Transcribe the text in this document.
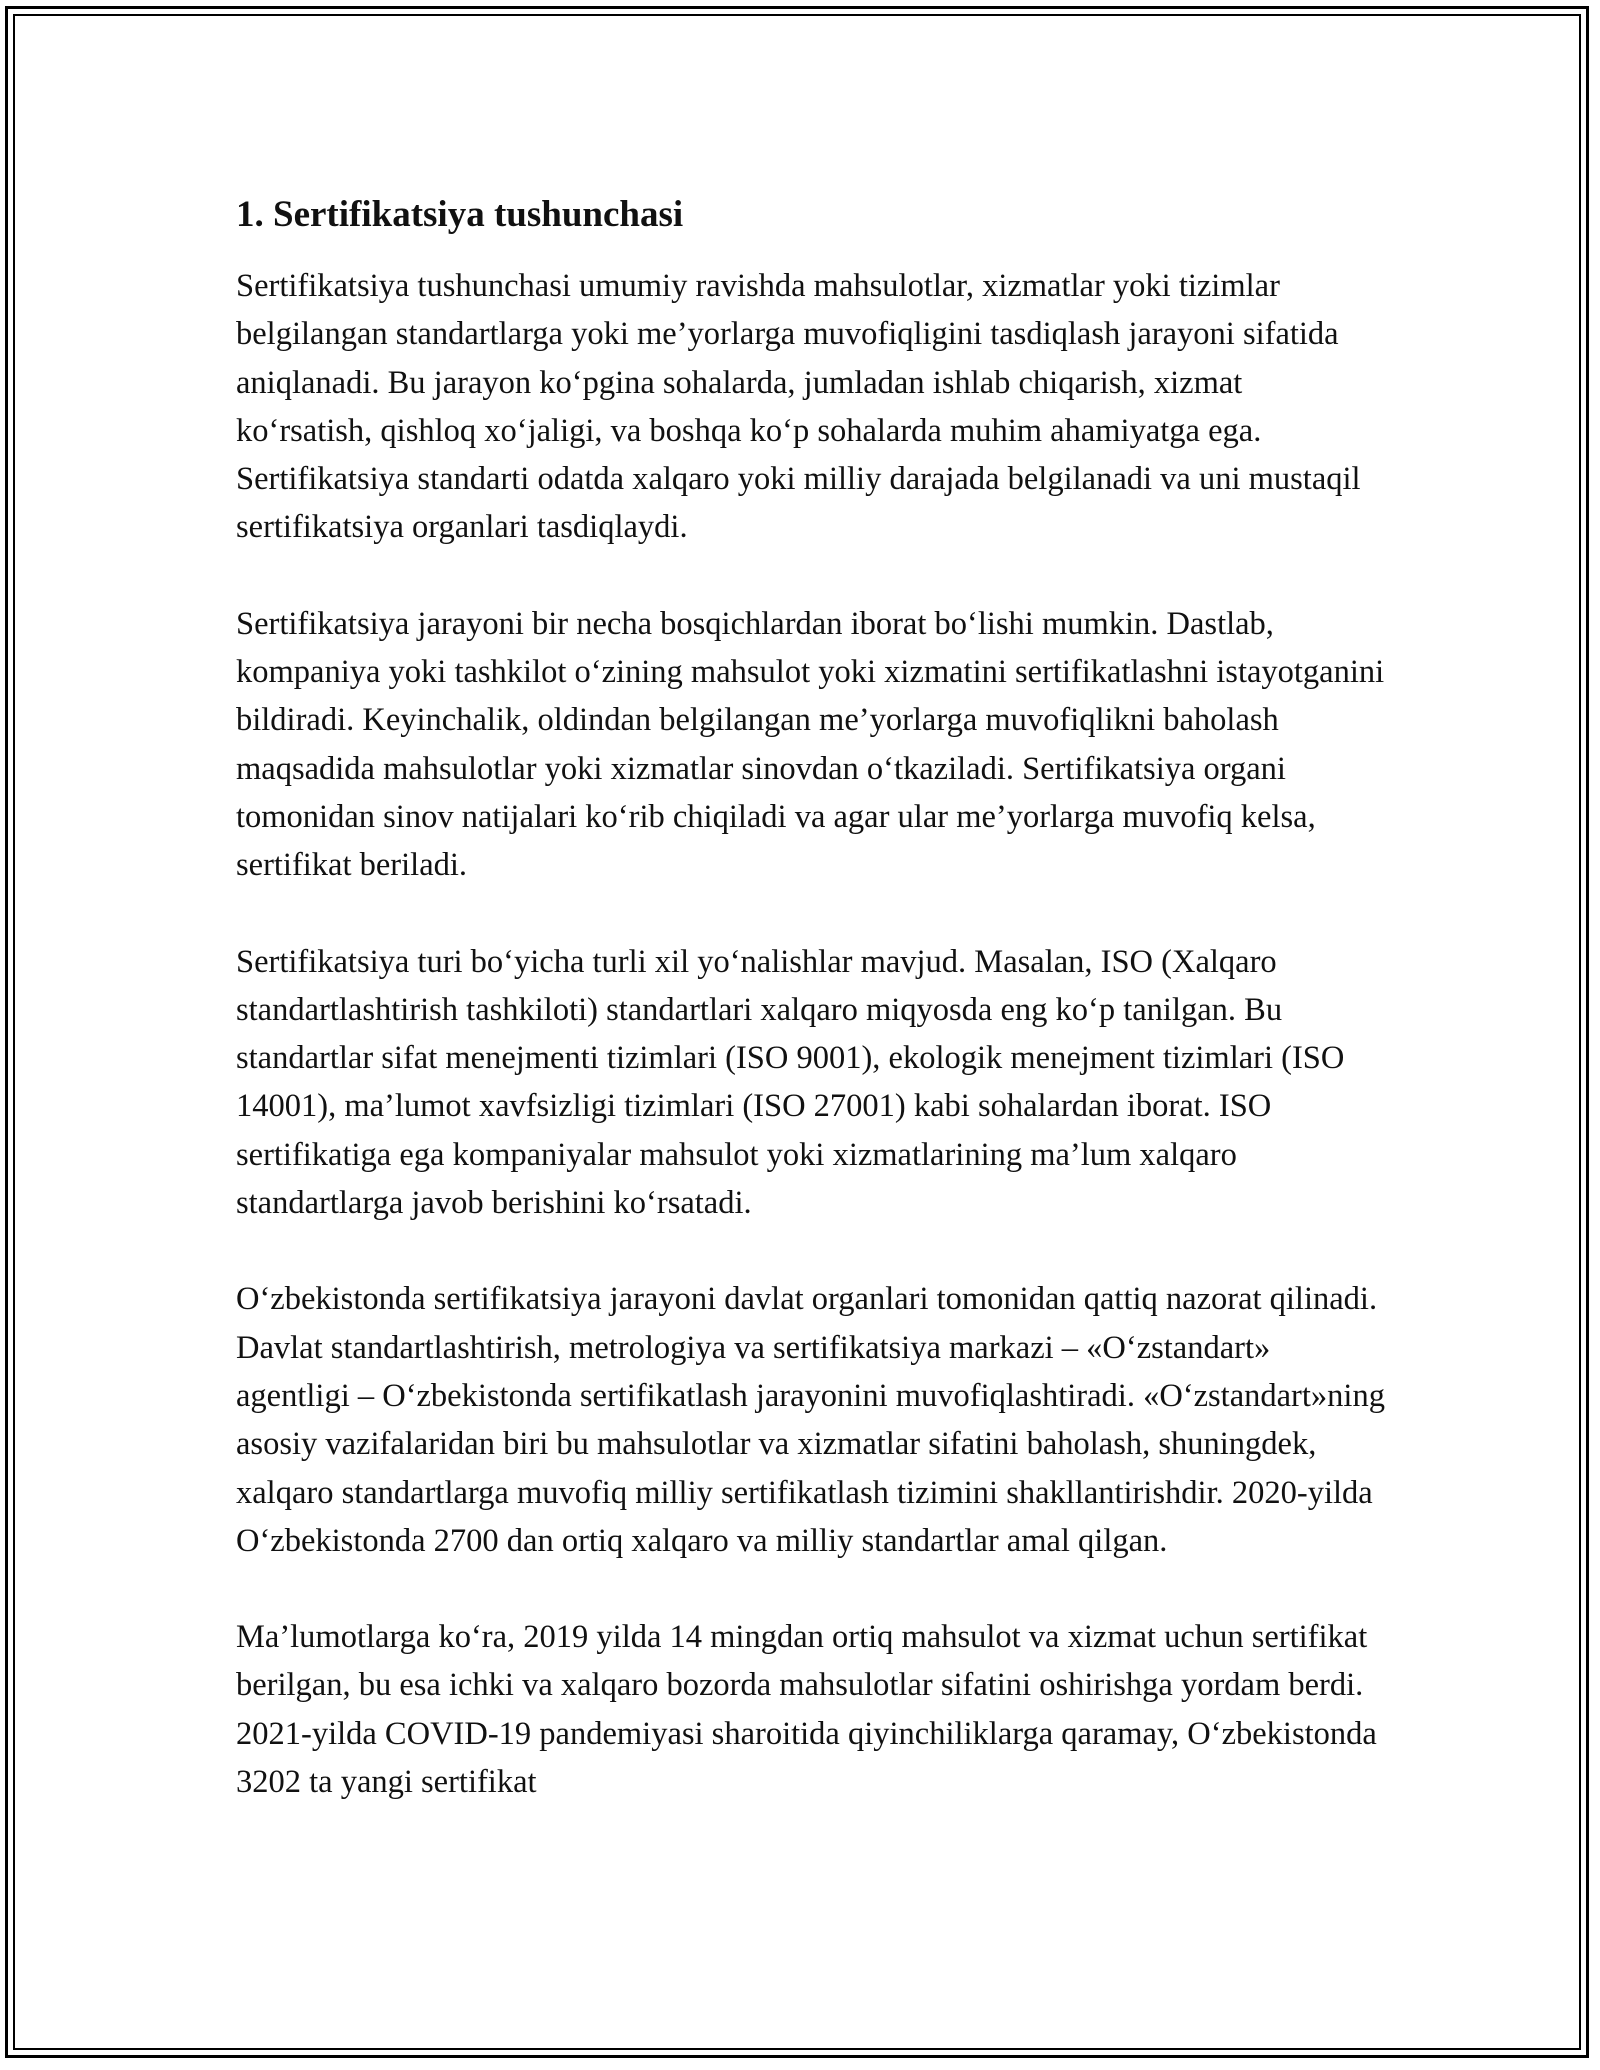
1. Sertifikatsiya tushunchasi

Sertifikatsiya tushunchasi umumiy ravishda mahsulotlar, xizmatlar yoki tizimlar belgilangan standartlarga yoki me’yorlarga muvofiqligini tasdiqlash jarayoni sifatida aniqlanadi. Bu jarayon koʻpgina sohalarda, jumladan ishlab chiqarish, xizmat koʻrsatish, qishloq xoʻjaligi, va boshqa koʻp sohalarda muhim ahamiyatga ega. Sertifikatsiya standarti odatda xalqaro yoki milliy darajada belgilanadi va uni mustaqil sertifikatsiya organlari tasdiqlaydi.

Sertifikatsiya jarayoni bir necha bosqichlardan iborat boʻlishi mumkin. Dastlab, kompaniya yoki tashkilot oʻzining mahsulot yoki xizmatini sertifikatlashni istayotganini bildiradi. Keyinchalik, oldindan belgilangan me’yorlarga muvofiqlikni baholash maqsadida mahsulotlar yoki xizmatlar sinovdan oʻtkaziladi. Sertifikatsiya organi tomonidan sinov natijalari koʻrib chiqiladi va agar ular me’yorlarga muvofiq kelsa, sertifikat beriladi.

Sertifikatsiya turi boʻyicha turli xil yoʻnalishlar mavjud. Masalan, ISO (Xalqaro standartlashtirish tashkiloti) standartlari xalqaro miqyosda eng koʻp tanilgan. Bu standartlar sifat menejmenti tizimlari (ISO 9001), ekologik menejment tizimlari (ISO 14001), ma’lumot xavfsizligi tizimlari (ISO 27001) kabi sohalardan iborat. ISO sertifikatiga ega kompaniyalar mahsulot yoki xizmatlarining ma’lum xalqaro standartlarga javob berishini koʻrsatadi.

Oʻzbekistonda sertifikatsiya jarayoni davlat organlari tomonidan qattiq nazorat qilinadi. Davlat standartlashtirish, metrologiya va sertifikatsiya markazi – «Oʻzstandart» agentligi – Oʻzbekistonda sertifikatlash jarayonini muvofiqlashtiradi. «Oʻzstandart»ning asosiy vazifalaridan biri bu mahsulotlar va xizmatlar sifatini baholash, shuningdek, xalqaro standartlarga muvofiq milliy sertifikatlash tizimini shakllantirishdir. 2020-yilda Oʻzbekistonda 2700 dan ortiq xalqaro va milliy standartlar amal qilgan.

Ma’lumotlarga koʻra, 2019 yilda 14 mingdan ortiq mahsulot va xizmat uchun sertifikat berilgan, bu esa ichki va xalqaro bozorda mahsulotlar sifatini oshirishga yordam berdi. 2021-yilda COVID-19 pandemiyasi sharoitida qiyinchiliklarga qaramay, Oʻzbekistonda 3202 ta yangi sertifikat
